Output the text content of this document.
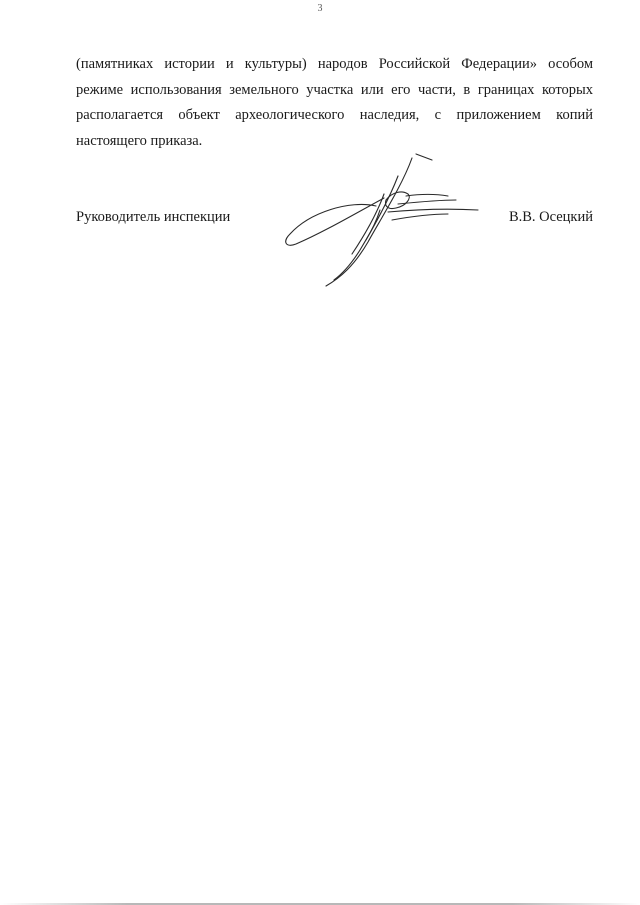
3
(памятниках истории и культуры) народов Российской Федерации» особом
режиме использования земельного участка или его части, в границах которых
располагается объект археологического наследия, с приложением копий
настоящего приказа.
Руководитель инспекции	В.В. Осецкий
